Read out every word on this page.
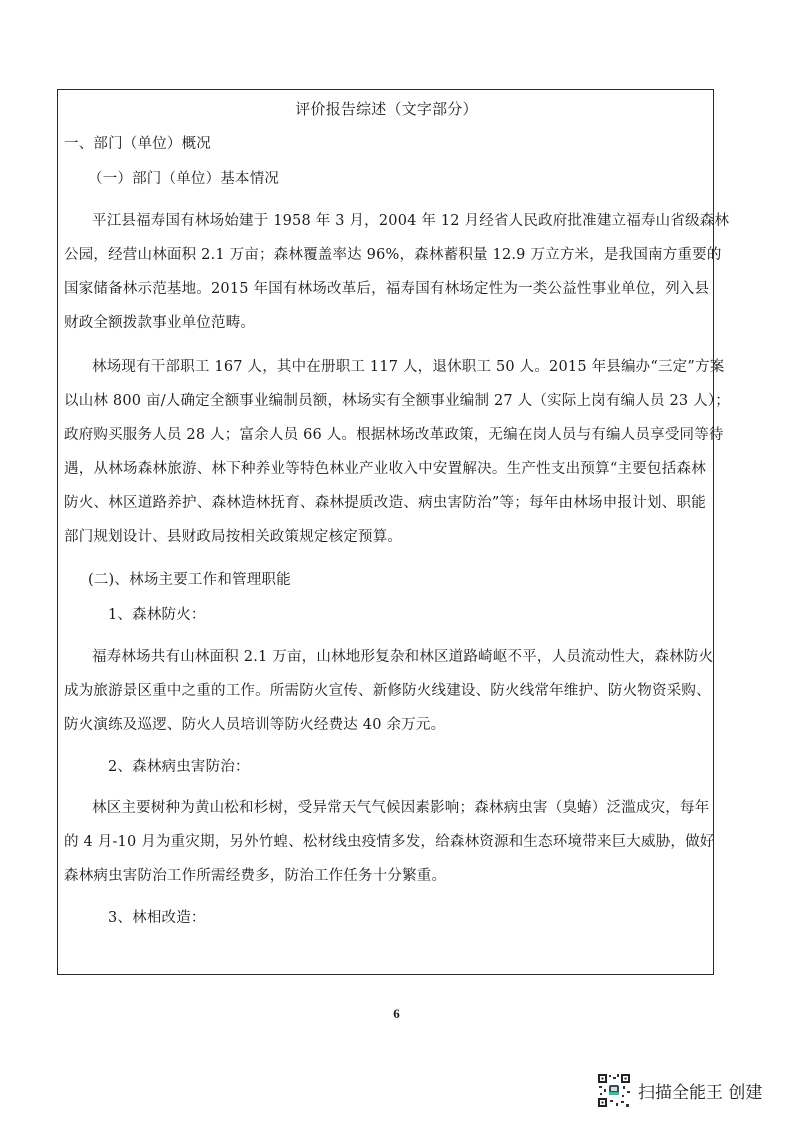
评价报告综述（文字部分）
一、部门（单位）概况
（一）部门（单位）基本情况
平江县福寿国有林场始建于 1958 年 3 月，2004 年 12 月经省人民政府批准建立福寿山省级森林
公园，经营山林面积 2.1 万亩；森林覆盖率达 96%，森林蓄积量 12.9 万立方米，是我国南方重要的
国家储备林示范基地。2015 年国有林场改革后，福寿国有林场定性为一类公益性事业单位，列入县
财政全额拨款事业单位范畴。
林场现有干部职工 167 人，其中在册职工 117 人，退休职工 50 人。2015 年县编办“三定”方案
以山林 800 亩/人确定全额事业编制员额，林场实有全额事业编制 27 人（实际上岗有编人员 23 人）；
政府购买服务人员 28 人；富余人员 66 人。根据林场改革政策，无编在岗人员与有编人员享受同等待
遇，从林场森林旅游、林下种养业等特色林业产业收入中安置解决。生产性支出预算“主要包括森林
防火、林区道路养护、森林造林抚育、森林提质改造、病虫害防治”等；每年由林场申报计划、职能
部门规划设计、县财政局按相关政策规定核定预算。
(二)、林场主要工作和管理职能
1、森林防火：
福寿林场共有山林面积 2.1 万亩，山林地形复杂和林区道路崎岖不平，人员流动性大，森林防火
成为旅游景区重中之重的工作。所需防火宣传、新修防火线建设、防火线常年维护、防火物资采购、
防火演练及巡逻、防火人员培训等防火经费达 40 余万元。
2、森林病虫害防治：
林区主要树种为黄山松和杉树，受异常天气气候因素影响；森林病虫害（臭蝽）泛滥成灾，每年
的 4 月-10 月为重灾期，另外竹蝗、松材线虫疫情多发，给森林资源和生态环境带来巨大威胁，做好
森林病虫害防治工作所需经费多，防治工作任务十分繁重。
3、林相改造：
6
扫描全能王 创建
